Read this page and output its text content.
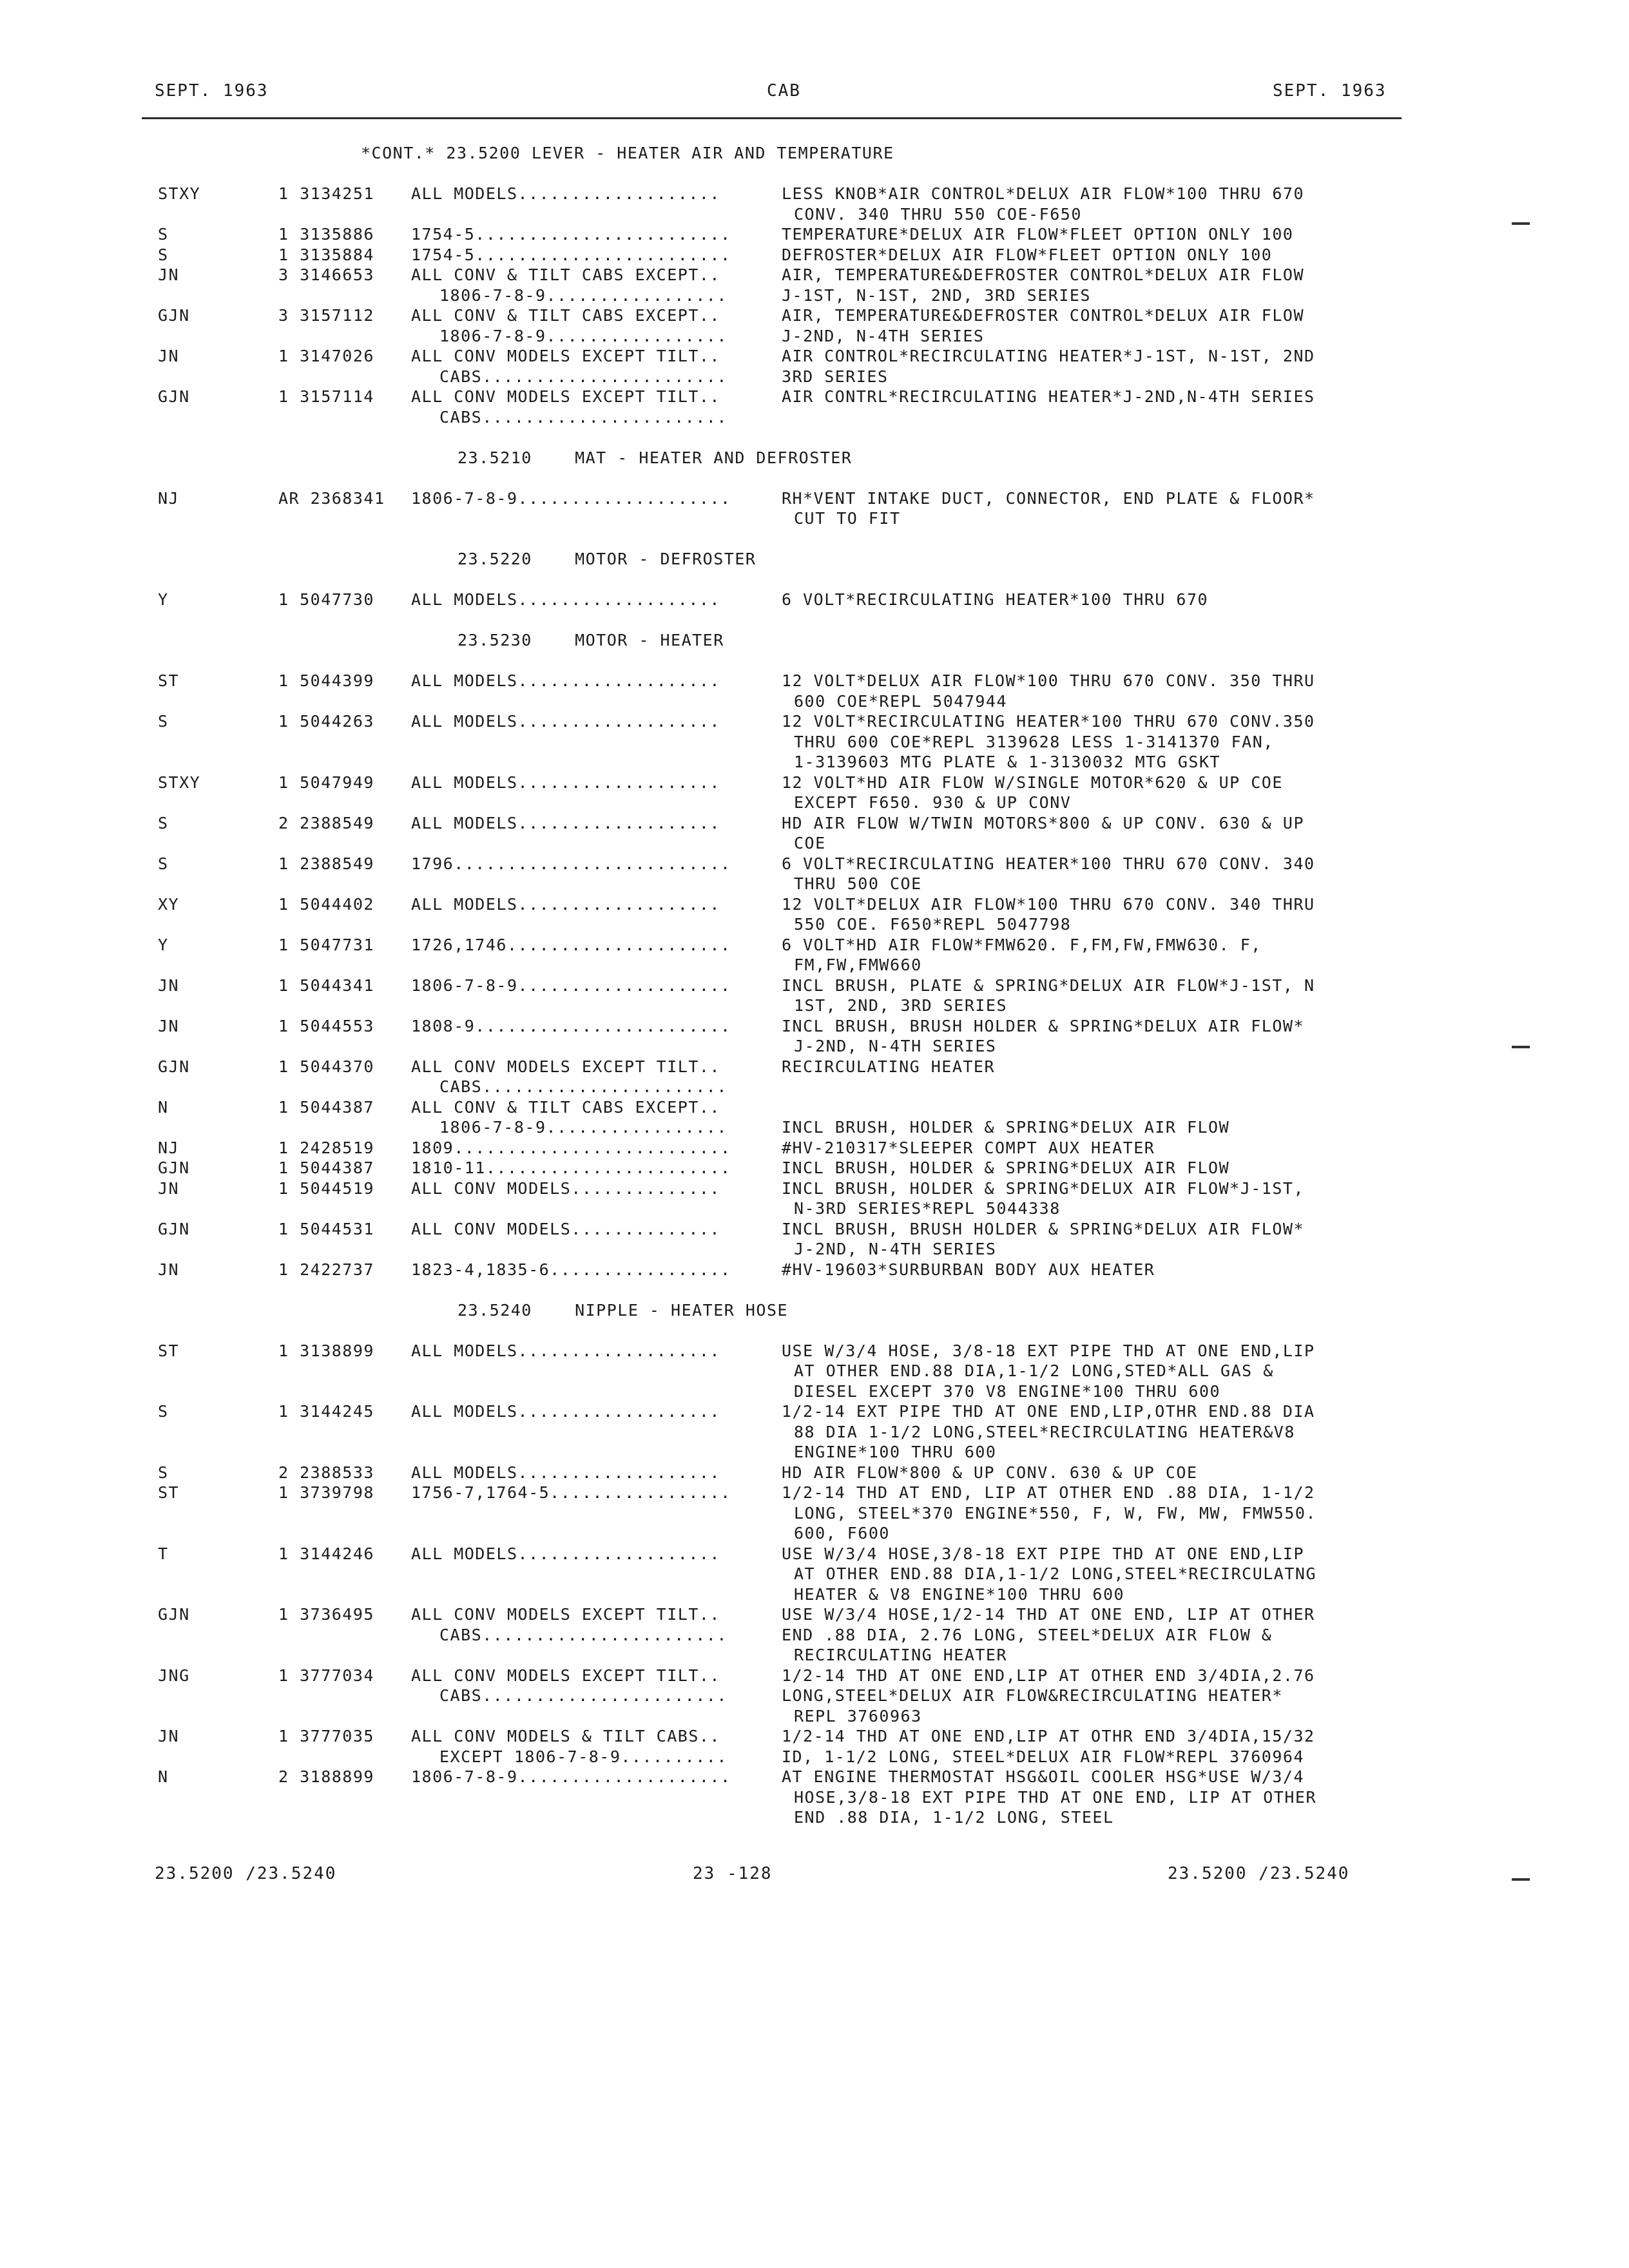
SEPT. 1963	CAB	SEPT. 1963
*CONT.* 23.5200 LEVER - HEATER AIR AND TEMPERATURE
STXY	1 3134251 ALL MODELS...................	LESS KNOB*AIR CONTROL*DELUX AIR FLOW*100 THRU 670
CONV. 340 THRU 550 COE-F650
S	1 3135886 1754-5........................	TEMPERATURE*DELUX AIR FLOW*FLEET OPTION ONLY 100
S	1 3135884 1754-5........................	DEFROSTER*DELUX AIR FLOW*FLEET OPTION ONLY 100
JN	3 3146653 ALL CONV & TILT CABS EXCEPT..	AIR, TEMPERATURE&DEFROSTER CONTROL*DELUX AIR FLOW
1806-7-8-9.................	J-1ST, N-1ST, 2ND, 3RD SERIES
GJN	3 3157112 ALL CONV & TILT CABS EXCEPT..	AIR, TEMPERATURE&DEFROSTER CONTROL*DELUX AIR FLOW
1806-7-8-9.................	J-2ND, N-4TH SERIES
JN	1 3147026 ALL CONV MODELS EXCEPT TILT..	AIR CONTROL*RECIRCULATING HEATER*J-1ST, N-1ST, 2ND
CABS.......................	3RD SERIES
GJN	1 3157114 ALL CONV MODELS EXCEPT TILT..	AIR CONTRL*RECIRCULATING HEATER*J-2ND,N-4TH SERIES
CABS.......................
23.5210    MAT - HEATER AND DEFROSTER
NJ	AR 2368341 1806-7-8-9....................	RH*VENT INTAKE DUCT, CONNECTOR, END PLATE & FLOOR*
CUT TO FIT
23.5220    MOTOR - DEFROSTER
Y	1 5047730 ALL MODELS...................	6 VOLT*RECIRCULATING HEATER*100 THRU 670
23.5230    MOTOR - HEATER
ST	1 5044399 ALL MODELS...................	12 VOLT*DELUX AIR FLOW*100 THRU 670 CONV. 350 THRU
600 COE*REPL 5047944
S	1 5044263 ALL MODELS...................	12 VOLT*RECIRCULATING HEATER*100 THRU 670 CONV.350
THRU 600 COE*REPL 3139628 LESS 1-3141370 FAN,
1-3139603 MTG PLATE & 1-3130032 MTG GSKT
STXY	1 5047949 ALL MODELS...................	12 VOLT*HD AIR FLOW W/SINGLE MOTOR*620 & UP COE
EXCEPT F650. 930 & UP CONV
S	2 2388549 ALL MODELS...................	HD AIR FLOW W/TWIN MOTORS*800 & UP CONV. 630 & UP
COE
S	1 2388549 1796..........................	6 VOLT*RECIRCULATING HEATER*100 THRU 670 CONV. 340
THRU 500 COE
XY	1 5044402 ALL MODELS...................	12 VOLT*DELUX AIR FLOW*100 THRU 670 CONV. 340 THRU
550 COE. F650*REPL 5047798
Y	1 5047731 1726,1746.....................	6 VOLT*HD AIR FLOW*FMW620. F,FM,FW,FMW630. F,
FM,FW,FMW660
JN	1 5044341 1806-7-8-9....................	INCL BRUSH, PLATE & SPRING*DELUX AIR FLOW*J-1ST, N
1ST, 2ND, 3RD SERIES
JN	1 5044553 1808-9........................	INCL BRUSH, BRUSH HOLDER & SPRING*DELUX AIR FLOW*
J-2ND, N-4TH SERIES
GJN	1 5044370 ALL CONV MODELS EXCEPT TILT..	RECIRCULATING HEATER
CABS.......................
N	1 5044387 ALL CONV & TILT CABS EXCEPT..
1806-7-8-9.................	INCL BRUSH, HOLDER & SPRING*DELUX AIR FLOW
NJ	1 2428519 1809..........................	#HV-210317*SLEEPER COMPT AUX HEATER
GJN	1 5044387 1810-11.......................	INCL BRUSH, HOLDER & SPRING*DELUX AIR FLOW
JN	1 5044519 ALL CONV MODELS..............	INCL BRUSH, HOLDER & SPRING*DELUX AIR FLOW*J-1ST,
N-3RD SERIES*REPL 5044338
GJN	1 5044531 ALL CONV MODELS..............	INCL BRUSH, BRUSH HOLDER & SPRING*DELUX AIR FLOW*
J-2ND, N-4TH SERIES
JN	1 2422737 1823-4,1835-6.................	#HV-19603*SURBURBAN BODY AUX HEATER
23.5240    NIPPLE - HEATER HOSE
ST	1 3138899 ALL MODELS...................	USE W/3/4 HOSE, 3/8-18 EXT PIPE THD AT ONE END,LIP
AT OTHER END.88 DIA,1-1/2 LONG,STED*ALL GAS &
DIESEL EXCEPT 370 V8 ENGINE*100 THRU 600
S	1 3144245 ALL MODELS...................	1/2-14 EXT PIPE THD AT ONE END,LIP,OTHR END.88 DIA
88 DIA 1-1/2 LONG,STEEL*RECIRCULATING HEATER&V8
ENGINE*100 THRU 600
S	2 2388533 ALL MODELS...................	HD AIR FLOW*800 & UP CONV. 630 & UP COE
ST	1 3739798 1756-7,1764-5.................	1/2-14 THD AT END, LIP AT OTHER END .88 DIA, 1-1/2
LONG, STEEL*370 ENGINE*550, F, W, FW, MW, FMW550.
600, F600
T	1 3144246 ALL MODELS...................	USE W/3/4 HOSE,3/8-18 EXT PIPE THD AT ONE END,LIP
AT OTHER END.88 DIA,1-1/2 LONG,STEEL*RECIRCULATNG
HEATER & V8 ENGINE*100 THRU 600
GJN	1 3736495 ALL CONV MODELS EXCEPT TILT..	USE W/3/4 HOSE,1/2-14 THD AT ONE END, LIP AT OTHER
CABS.......................	END .88 DIA, 2.76 LONG, STEEL*DELUX AIR FLOW &
RECIRCULATING HEATER
JNG	1 3777034 ALL CONV MODELS EXCEPT TILT..	1/2-14 THD AT ONE END,LIP AT OTHER END 3/4DIA,2.76
CABS.......................	LONG,STEEL*DELUX AIR FLOW&RECIRCULATING HEATER*
REPL 3760963
JN	1 3777035 ALL CONV MODELS & TILT CABS..	1/2-14 THD AT ONE END,LIP AT OTHR END 3/4DIA,15/32
EXCEPT 1806-7-8-9..........	ID, 1-1/2 LONG, STEEL*DELUX AIR FLOW*REPL 3760964
N	2 3188899 1806-7-8-9....................	AT ENGINE THERMOSTAT HSG&OIL COOLER HSG*USE W/3/4
HOSE,3/8-18 EXT PIPE THD AT ONE END, LIP AT OTHER
END .88 DIA, 1-1/2 LONG, STEEL
23.5200 /23.5240	23 -128	23.5200 /23.5240
